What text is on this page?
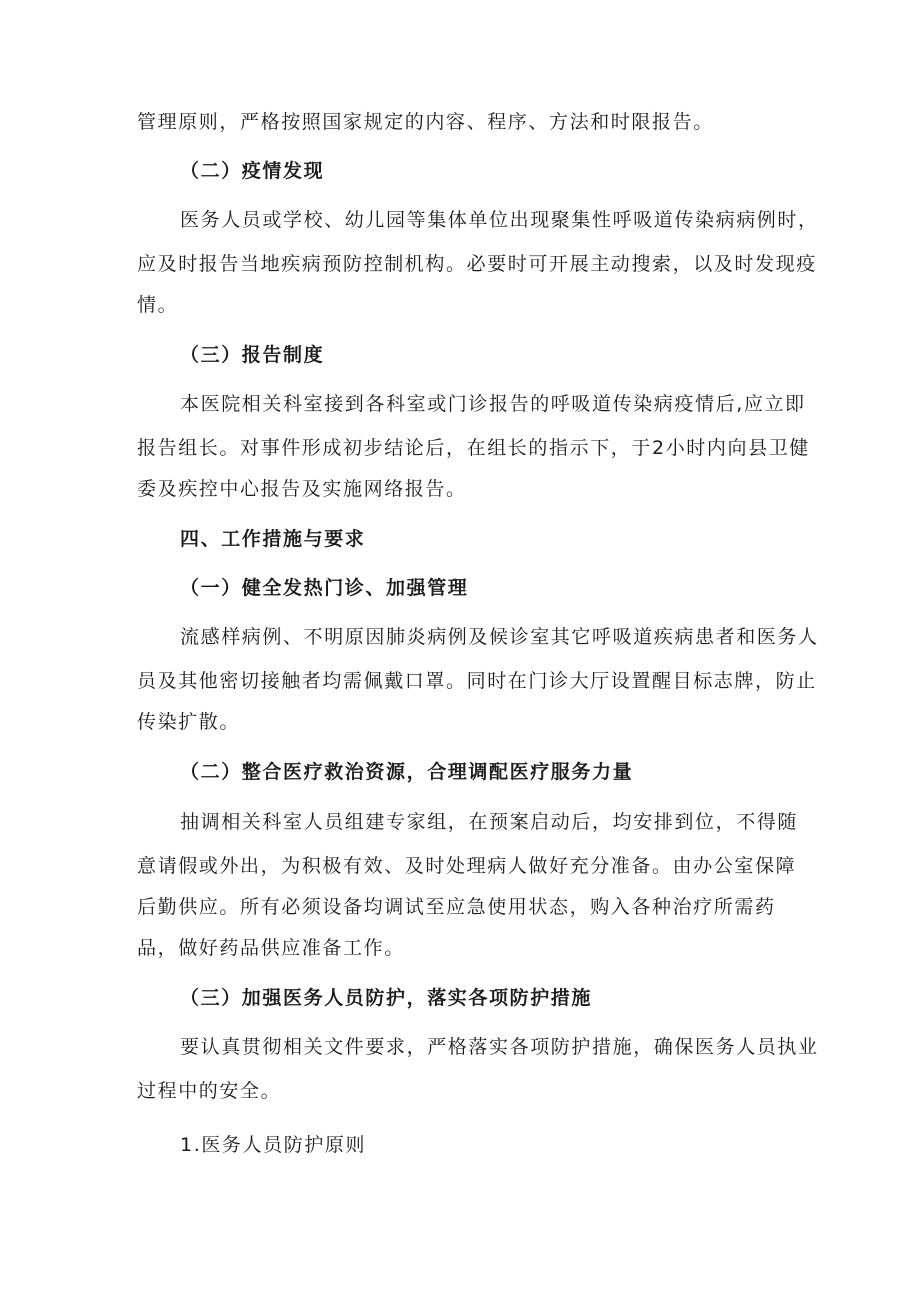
管理原则，严格按照国家规定的内容、程序、方法和时限报告。
（二）疫情发现
医务人员或学校、幼儿园等集体单位出现聚集性呼吸道传染病病例时，
应及时报告当地疾病预防控制机构。必要时可开展主动搜索，以及时发现疫
情。
（三）报告制度
本医院相关科室接到各科室或门诊报告的呼吸道传染病疫情后,应立即
报告组长。对事件形成初步结论后，在组长的指示下，于2小时内向县卫健
委及疾控中心报告及实施网络报告。
四、工作措施与要求
（一）健全发热门诊、加强管理
流感样病例、不明原因肺炎病例及候诊室其它呼吸道疾病患者和医务人
员及其他密切接触者均需佩戴口罩。同时在门诊大厅设置醒目标志牌，防止
传染扩散。
（二）整合医疗救治资源，合理调配医疗服务力量
抽调相关科室人员组建专家组，在预案启动后，均安排到位，不得随
意请假或外出，为积极有效、及时处理病人做好充分准备。由办公室保障
后勤供应。所有必须设备均调试至应急使用状态，购入各种治疗所需药
品，做好药品供应准备工作。
（三）加强医务人员防护，落实各项防护措施
要认真贯彻相关文件要求，严格落实各项防护措施，确保医务人员执业
过程中的安全。
1.医务人员防护原则
